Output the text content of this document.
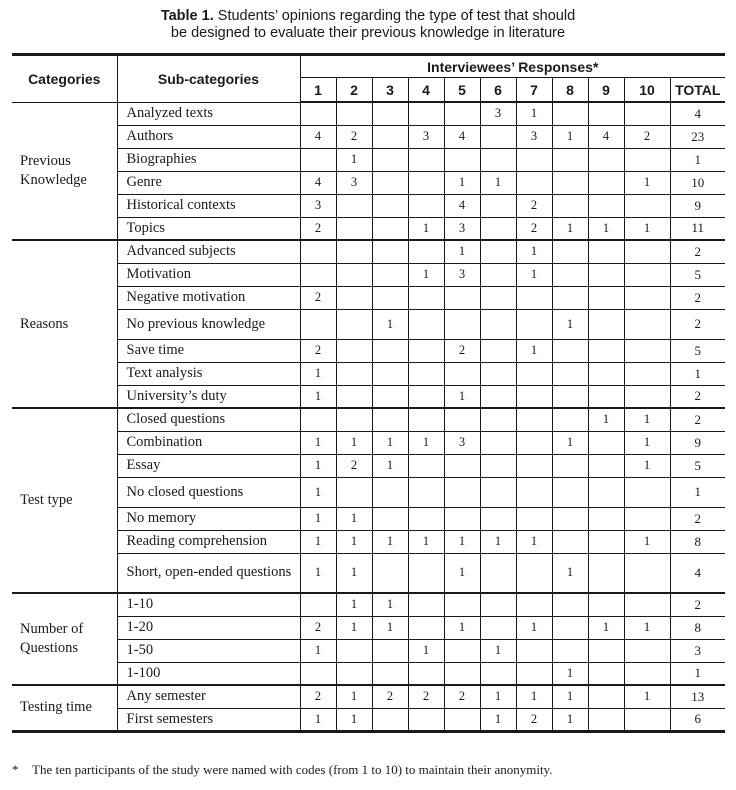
Table 1. Students’ opinions regarding the type of test that should
be designed to evaluate their previous knowledge in literature
Categories	Sub-categories	Interviewees’ Responses*										
		1	2	3	4	5	6	7	8	9	10	TOTAL
Previous Knowledge	Analyzed texts						3	1				4
	Authors	4	2		3	4		3	1	4	2	23
	Biographies		1									1
	Genre	4	3			1	1				1	10
	Historical contexts	3				4		2				9
	Topics	2			1	3		2	1	1	1	11
Reasons	Advanced subjects					1		1				2
	Motivation				1	3		1				5
	Negative motivation	2										2
	No previous knowledge			1					1			2
	Save time	2				2		1				5
	Text analysis	1										1
	University’s duty	1				1						2
Test type	Closed questions									1	1	2
	Combination	1	1	1	1	3			1		1	9
	Essay	1	2	1							1	5
	No closed questions	1										1
	No memory	1	1									2
	Reading comprehension	1	1	1	1	1	1	1			1	8
	Short, open-ended questions	1	1			1			1			4
Number of Questions	1-10		1	1								2
	1-20	2	1	1		1		1		1	1	8
	1-50	1			1		1					3
	1-100								1			1
Testing time	Any semester	2	1	2	2	2	1	1	1		1	13
	First semesters	1	1				1	2	1			6
* The ten participants of the study were named with codes (from 1 to 10) to maintain their anonymity.
